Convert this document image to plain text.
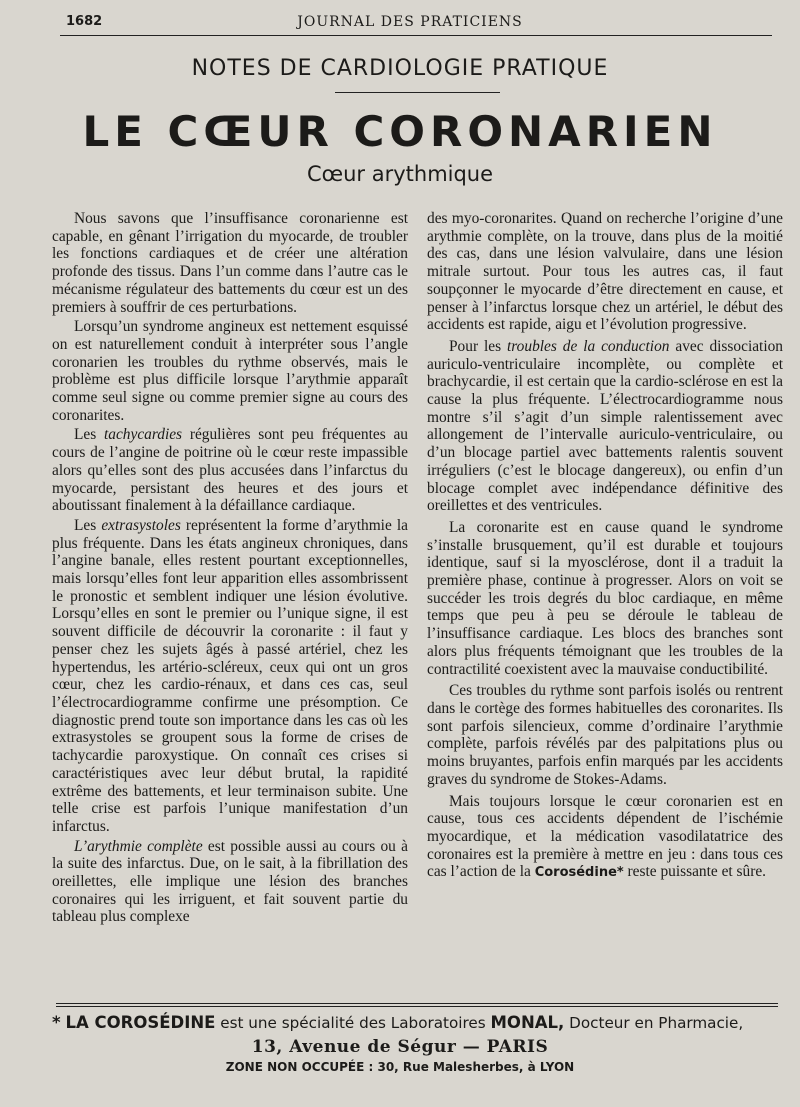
1682	JOURNAL DES PRATICIENS
NOTES DE CARDIOLOGIE PRATIQUE
LE CŒUR CORONARIEN
Cœur arythmique

Nous savons que l’insuffisance coronarienne est capable, en gênant l’irrigation du myocarde, de troubler les fonctions cardiaques et de créer une altération profonde des tissus. Dans l’un comme dans l’autre cas le mécanisme régulateur des battements du cœur est un des premiers à souffrir de ces perturbations.

Lorsqu’un syndrome angineux est nettement esquissé on est naturellement conduit à interpréter sous l’angle coronarien les troubles du rythme observés, mais le problème est plus difficile lorsque l’arythmie apparaît comme seul signe ou comme premier signe au cours des coronarites.

Les tachycardies régulières sont peu fréquentes au cours de l’angine de poitrine où le cœur reste impassible alors qu’elles sont des plus accusées dans l’infarctus du myocarde, persistant des heures et des jours et aboutissant finalement à la défaillance cardiaque.

Les extrasystoles représentent la forme d’arythmie la plus fréquente. Dans les états angineux chroniques, dans l’angine banale, elles restent pourtant exceptionnelles, mais lorsqu’elles font leur apparition elles assombrissent le pronostic et semblent indiquer une lésion évolutive. Lorsqu’elles en sont le premier ou l’unique signe, il est souvent difficile de découvrir la coronarite : il faut y penser chez les sujets âgés à passé artériel, chez les hypertendus, les artério-scléreux, ceux qui ont un gros cœur, chez les cardio-rénaux, et dans ces cas, seul l’électrocardiogramme confirme une présomption. Ce diagnostic prend toute son importance dans les cas où les extrasystoles se groupent sous la forme de crises de tachycardie paroxystique. On connaît ces crises si caractéristiques avec leur début brutal, la rapidité extrême des battements, et leur terminaison subite. Une telle crise est parfois l’unique manifestation d’un infarctus.

L’arythmie complète est possible aussi au cours ou à la suite des infarctus. Due, on le sait, à la fibrillation des oreillettes, elle implique une lésion des branches coronaires qui les irriguent, et fait souvent partie du tableau plus complexe

des myo-coronarites. Quand on recherche l’origine d’une arythmie complète, on la trouve, dans plus de la moitié des cas, dans une lésion valvulaire, dans une lésion mitrale surtout. Pour tous les autres cas, il faut soupçonner le myocarde d’être directement en cause, et penser à l’infarctus lorsque chez un artériel, le début des accidents est rapide, aigu et l’évolution progressive.

Pour les troubles de la conduction avec dissociation auriculo-ventriculaire incomplète, ou complète et brachycardie, il est certain que la cardio-sclérose en est la cause la plus fréquente. L’électrocardiogramme nous montre s’il s’agit d’un simple ralentissement avec allongement de l’intervalle auriculo-ventriculaire, ou d’un blocage partiel avec battements ralentis souvent irréguliers (c’est le blocage dangereux), ou enfin d’un blocage complet avec indépendance définitive des oreillettes et des ventricules.

La coronarite est en cause quand le syndrome s’installe brusquement, qu’il est durable et toujours identique, sauf si la myosclérose, dont il a traduit la première phase, continue à progresser. Alors on voit se succéder les trois degrés du bloc cardiaque, en même temps que peu à peu se déroule le tableau de l’insuffisance cardiaque. Les blocs des branches sont alors plus fréquents témoignant que les troubles de la contractilité coexistent avec la mauvaise conductibilité.

Ces troubles du rythme sont parfois isolés ou rentrent dans le cortège des formes habituelles des coronarites. Ils sont parfois silencieux, comme d’ordinaire l’arythmie complète, parfois révélés par des palpitations plus ou moins bruyantes, parfois enfin marqués par les accidents graves du syndrome de Stokes-Adams.

Mais toujours lorsque le cœur coronarien est en cause, tous ces accidents dépendent de l’ischémie myocardique, et la médication vasodilatatrice des coronaires est la première à mettre en jeu : dans tous ces cas l’action de la Corosédine* reste puissante et sûre.

* LA COROSÉDINE est une spécialité des Laboratoires MONAL, Docteur en Pharmacie,
13, Avenue de Ségur — PARIS
ZONE NON OCCUPÉE : 30, Rue Malesherbes, à LYON
